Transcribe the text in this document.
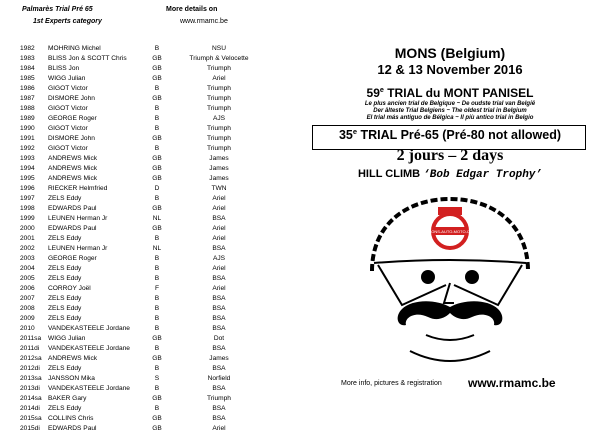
Palmarès Trial Pré 65
1st Experts category
More details on
www.rmamc.be
1982 MOHRING Michel	B	NSU
1983 BLISS Jon & SCOTT Chris	GB	Triumph & Velocette
1984 BLISS Jon	GB	Triumph
1985 WIGG Julian	GB	Ariel
1986 GIGOT Victor	B	Triumph
1987 DISMORE John	GB	Triumph
1988 GIGOT Victor	B	Triumph
1989 GEORGE Roger	B	AJS
1990 GIGOT Victor	B	Triumph
1991 DISMORE John	GB	Triumph
1992 GIGOT Victor	B	Triumph
1993 ANDREWS Mick	GB	James
1994 ANDREWS Mick	GB	James
1995 ANDREWS Mick	GB	James
1996 RIECKER Helmfried	D	TWN
1997 ZELS Eddy	B	Ariel
1998 EDWARDS Paul	GB	Ariel
1999 LEUNEN Herman Jr	NL	BSA
2000 EDWARDS Paul	GB	Ariel
2001 ZELS Eddy	B	Ariel
2002 LEUNEN Herman Jr	NL	BSA
2003 GEORGE Roger	B	AJS
2004 ZELS Eddy	B	Ariel
2005 ZELS Eddy	B	BSA
2006 CORROY Joël	F	Ariel
2007 ZELS Eddy	B	BSA
2008 ZELS Eddy	B	BSA
2009 ZELS Eddy	B	BSA
2010 VANDEKASTEELE Jordane	B	BSA
2011sa WIGG Julian	GB	Dot
2011di VANDEKASTEELE Jordane	B	BSA
2012sa ANDREWS Mick	GB	James
2012di ZELS Eddy	B	BSA
2013sa JANSSON Mika	S	Norfield
2013di VANDEKASTEELE Jordane	B	BSA
2014sa BAKER Gary	GB	Triumph
2014di ZELS Eddy	B	BSA
2015sa COLLINS Chris	GB	BSA
2015di EDWARDS Paul	GB	Ariel
MONS (Belgium)
12 & 13 November 2016
59e TRIAL du MONT PANISEL
Le plus ancien trial de Belgique ~ De oudste trial van België
Der älteste Trial Belgiens ~ The oldest trial in Belgium
El trial más antiguo de Bélgica ~ Il più antico trial in Belgio
35e TRIAL Pré-65 (Pré-80 not allowed)
2 jours – 2 days
HILL CLIMB ‘Bob Edgar Trophy’
MONS-AUTO-MOTO-CL
More info, pictures & registration www.rmamc.be
